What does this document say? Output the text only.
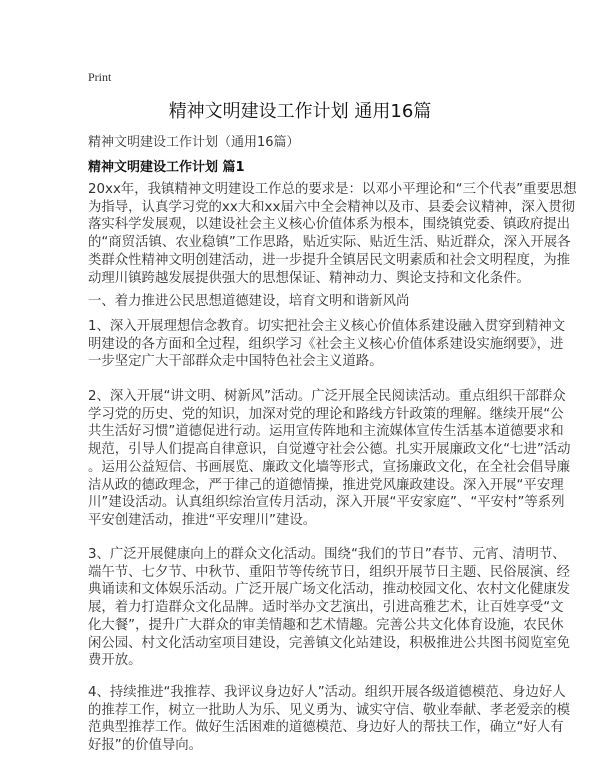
Print
精神文明建设工作计划 通用16篇
精神文明建设工作计划（通用16篇）
精神文明建设工作计划 篇1
20xx年，我镇精神文明建设工作总的要求是：以邓小平理论和“三个代表”重要思想
为指导，认真学习党的xx大和xx届六中全会精神以及市、县委会议精神，深入贯彻
落实科学发展观，以建设社会主义核心价值体系为根本，围绕镇党委、镇政府提出
的“商贸活镇、农业稳镇”工作思路，贴近实际、贴近生活、贴近群众，深入开展各
类群众性精神文明创建活动，进一步提升全镇居民文明素质和社会文明程度，为推
动理川镇跨越发展提供强大的思想保证、精神动力、舆论支持和文化条件。
一、着力推进公民思想道德建设，培育文明和谐新风尚
1、深入开展理想信念教育。切实把社会主义核心价值体系建设融入贯穿到精神文
明建设的各方面和全过程，组织学习《社会主义核心价值体系建设实施纲要》，进
一步坚定广大干部群众走中国特色社会主义道路。
2、深入开展“讲文明、树新风”活动。广泛开展全民阅读活动。重点组织干部群众
学习党的历史、党的知识，加深对党的理论和路线方针政策的理解。继续开展“公
共生活好习惯”道德促进行动。运用宣传阵地和主流媒体宣传生活基本道德要求和
规范，引导人们提高自律意识，自觉遵守社会公德。扎实开展廉政文化“七进”活动
。运用公益短信、书画展览、廉政文化墙等形式，宣扬廉政文化，在全社会倡导廉
洁从政的德政理念，严于律己的道德情操，推进党风廉政建设。深入开展“平安理
川”建设活动。认真组织综治宣传月活动，深入开展“平安家庭”、“平安村”等系列
平安创建活动，推进“平安理川”建设。
3、广泛开展健康向上的群众文化活动。围绕“我们的节日”春节、元宵、清明节、
端午节、七夕节、中秋节、重阳节等传统节日，组织开展节日主题、民俗展演、经
典诵读和文体娱乐活动。广泛开展广场文化活动，推动校园文化、农村文化健康发
展，着力打造群众文化品牌。适时举办文艺演出，引进高雅艺术，让百姓享受“文
化大餐”，提升广大群众的审美情趣和艺术情趣。完善公共文化体育设施，农民休
闲公园、村文化活动室项目建设，完善镇文化站建设，积极推进公共图书阅览室免
费开放。
4、持续推进“我推荐、我评议身边好人”活动。组织开展各级道德模范、身边好人
的推荐工作，树立一批助人为乐、见义勇为、诚实守信、敬业奉献、孝老爱亲的模
范典型推荐工作。做好生活困难的道德模范、身边好人的帮扶工作，确立“好人有
好报”的价值导向。
